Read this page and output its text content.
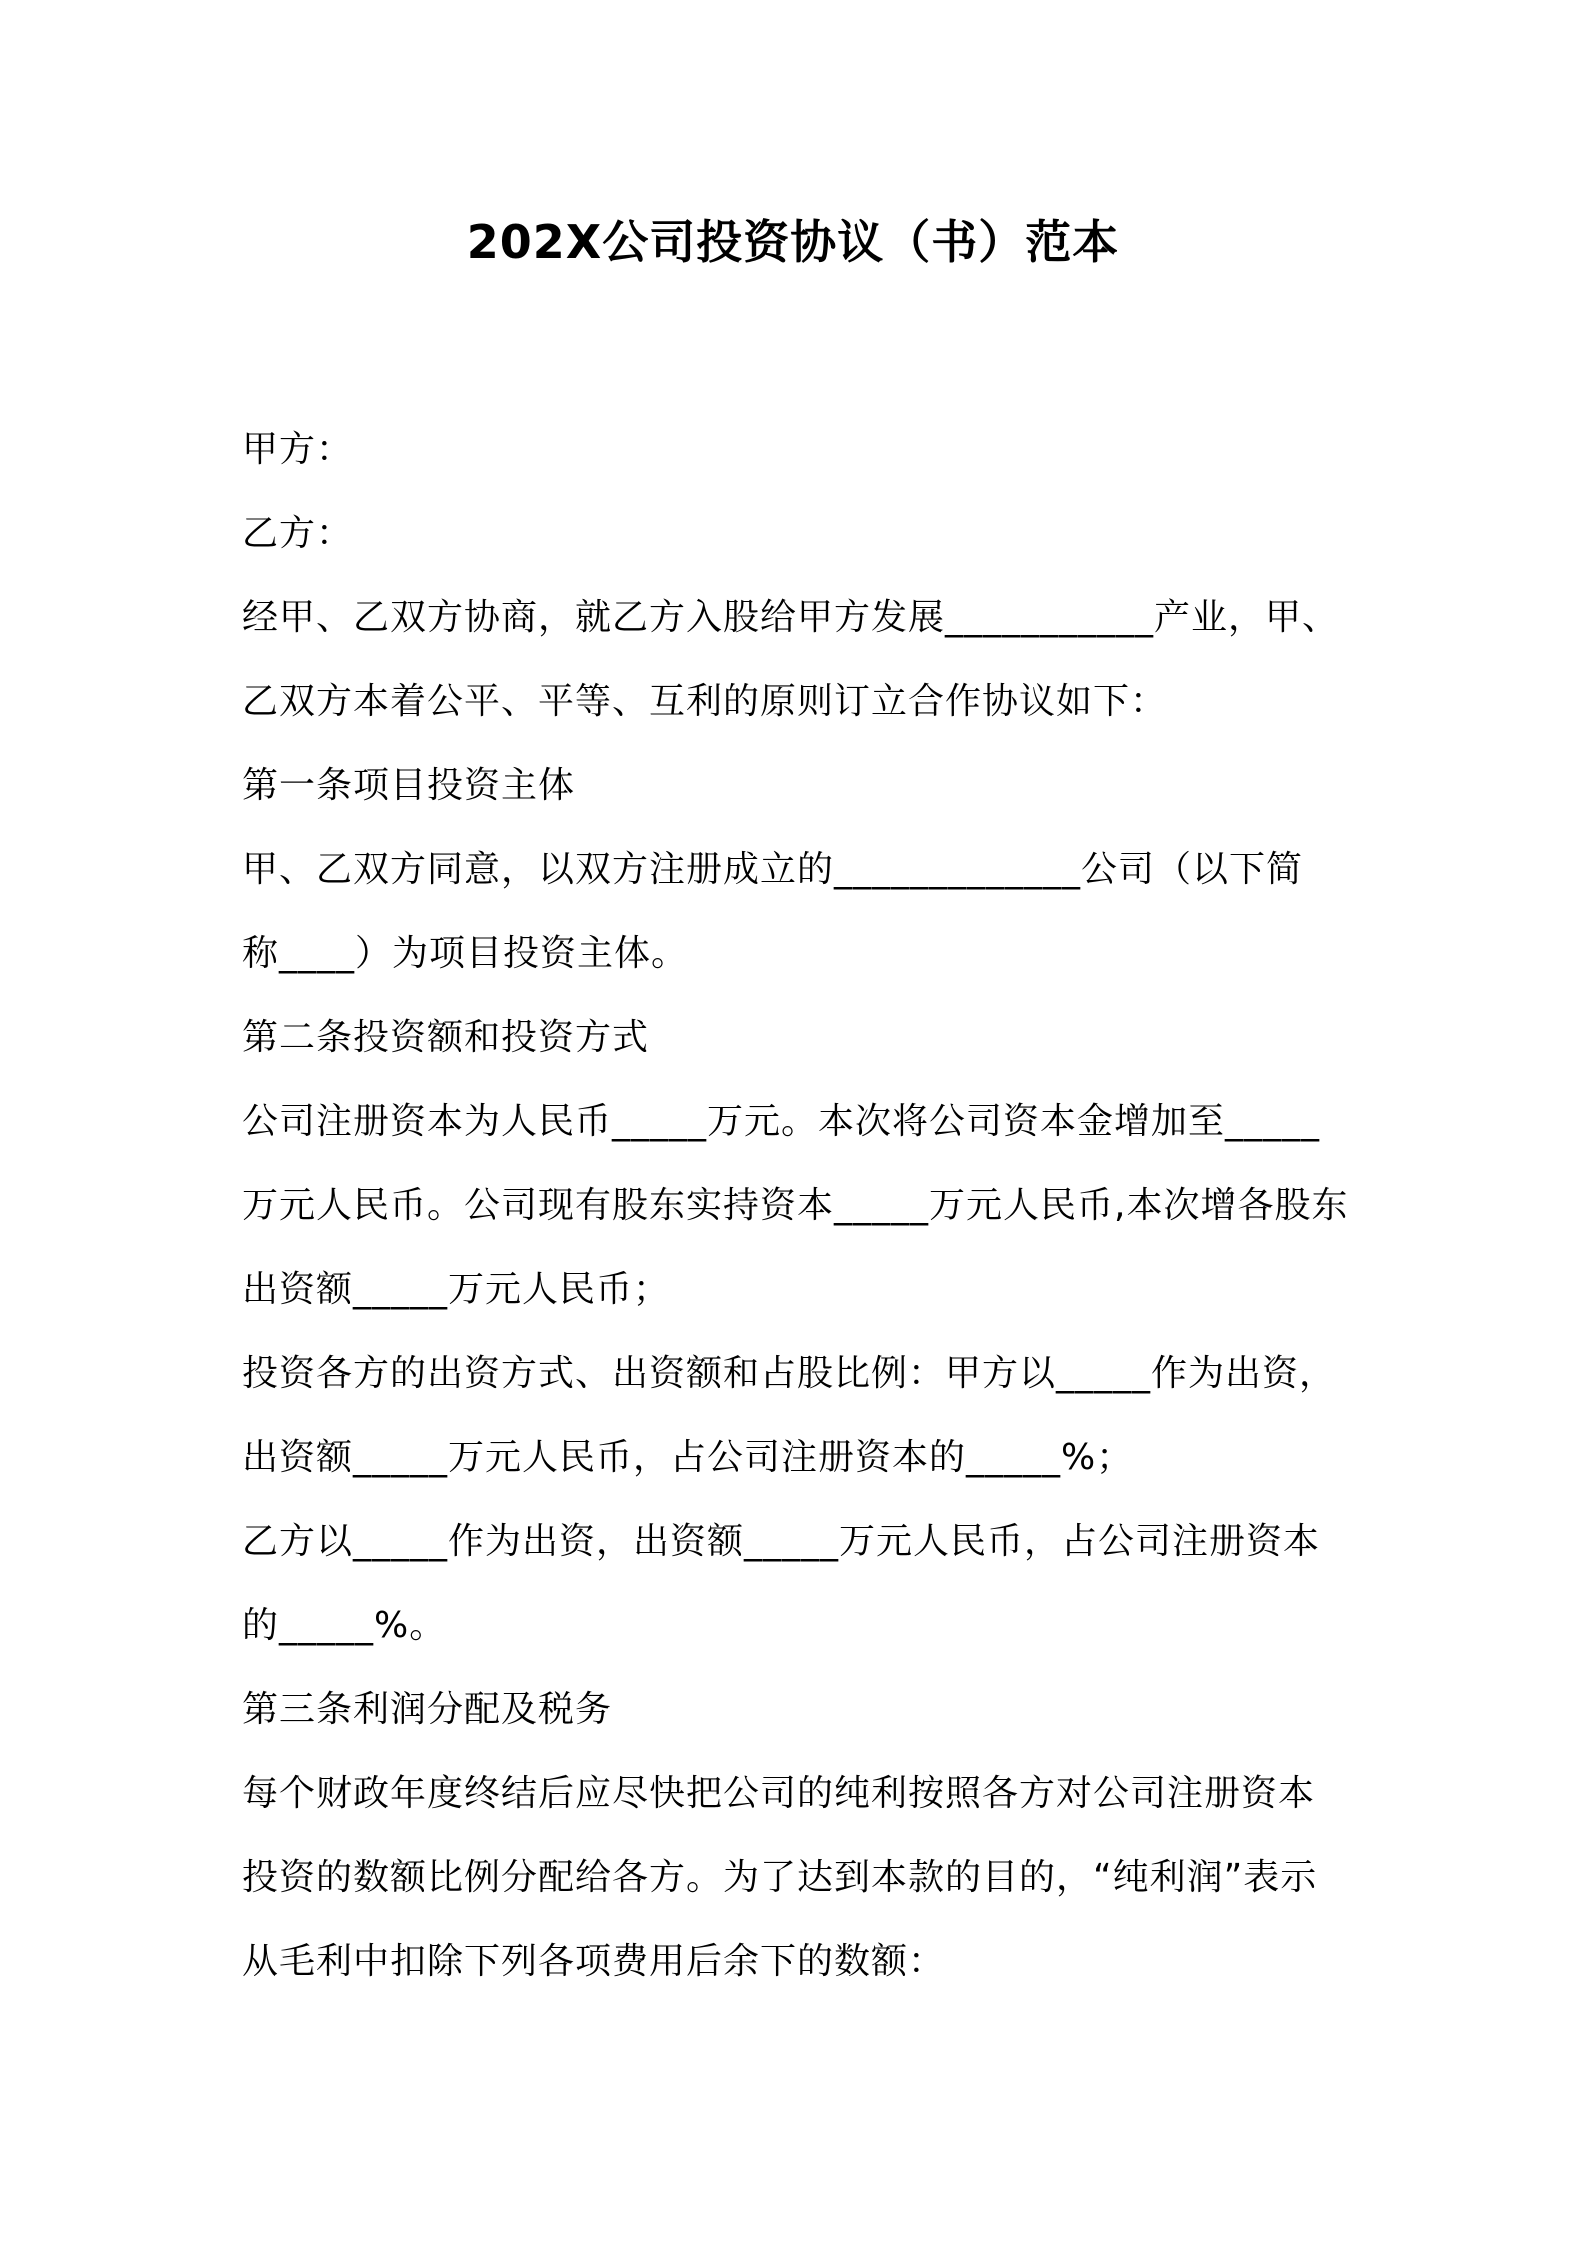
202X公司投资协议（书）范本
甲方：
乙方：
经甲、乙双方协商，就乙方入股给甲方发展___________产业，甲、
乙双方本着公平、平等、互利的原则订立合作协议如下：
第一条项目投资主体
甲、乙双方同意，以双方注册成立的_____________公司（以下简
称____）为项目投资主体。
第二条投资额和投资方式
公司注册资本为人民币_____万元。本次将公司资本金增加至_____
万元人民币。公司现有股东实持资本_____万元人民币,本次增各股东
出资额_____万元人民币；
投资各方的出资方式、出资额和占股比例：甲方以_____作为出资，
出资额_____万元人民币，占公司注册资本的_____%；
乙方以_____作为出资，出资额_____万元人民币，占公司注册资本
的_____%。
第三条利润分配及税务
每个财政年度终结后应尽快把公司的纯利按照各方对公司注册资本
投资的数额比例分配给各方。为了达到本款的目的，“纯利润”表示
从毛利中扣除下列各项费用后余下的数额：
